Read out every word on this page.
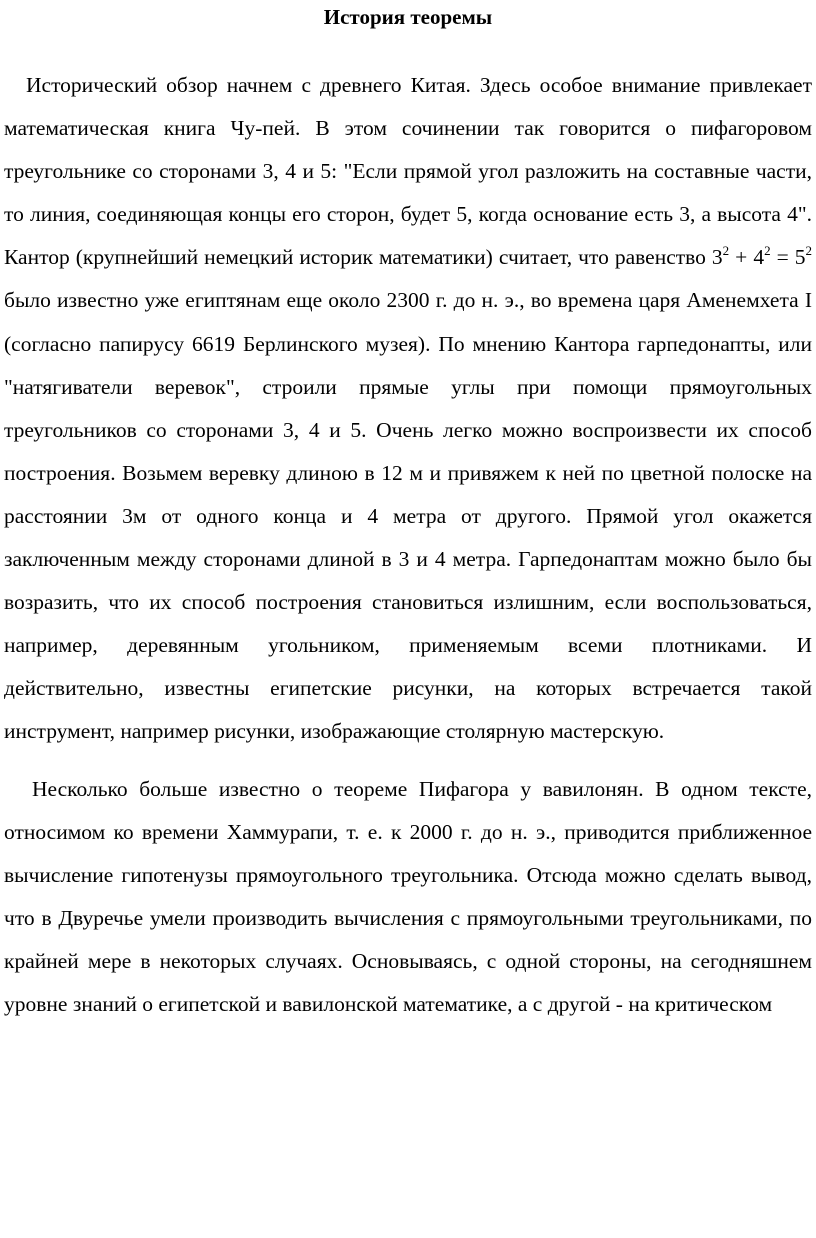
История теоремы

Исторический обзор начнем с древнего Китая. Здесь особое внимание привлекает математическая книга Чу-пей. В этом сочинении так говорится о пифагоровом треугольнике со сторонами 3, 4 и 5: "Если прямой угол разложить на составные части, то линия, соединяющая концы его сторон, будет 5, когда основание есть 3, а высота 4". Кантор (крупнейший немецкий историк математики) считает, что равенство $3^2 + 4^2 = 5^2$ было известно уже египтянам еще около 2300 г. до н. э., во времена царя Аменемхета I (согласно папирусу 6619 Берлинского музея). По мнению Кантора гарпедонапты, или "натягиватели веревок", строили прямые углы при помощи прямоугольных треугольников со сторонами 3, 4 и 5. Очень легко можно воспроизвести их способ построения. Возьмем веревку длиною в 12 м и привяжем к ней по цветной полоске на расстоянии 3м от одного конца и 4 метра от другого. Прямой угол окажется заключенным между сторонами длиной в 3 и 4 метра. Гарпедонаптам можно было бы возразить, что их способ построения становиться излишним, если воспользоваться, например, деревянным угольником, применяемым всеми плотниками. И действительно, известны египетские рисунки, на которых встречается такой инструмент, например рисунки, изображающие столярную мастерскую.

Несколько больше известно о теореме Пифагора у вавилонян. В одном тексте, относимом ко времени Хаммурапи, т. е. к 2000 г. до н. э., приводится приближенное вычисление гипотенузы прямоугольного треугольника. Отсюда можно сделать вывод, что в Двуречье умели производить вычисления с прямоугольными треугольниками, по крайней мере в некоторых случаях. Основываясь, с одной стороны, на сегодняшнем уровне знаний о египетской и вавилонской математике, а с другой - на критическом
